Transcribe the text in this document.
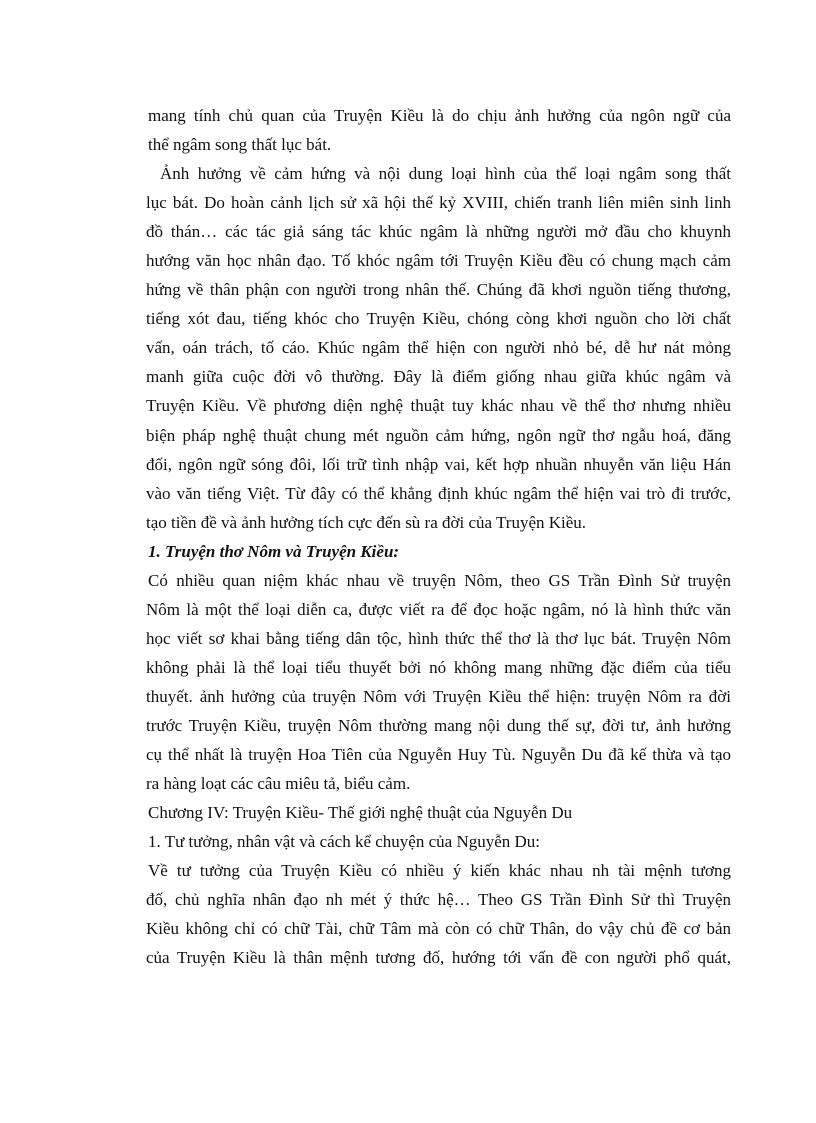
mang tính chủ quan của Truyện Kiều là do chịu ảnh hưởng của ngôn ngữ của
thể ngâm song thất lục bát.
Ảnh hưởng về cảm hứng và nội dung loại hình của thể loại ngâm song thất
lục bát. Do hoàn cảnh lịch sử xã hội thế kỷ XVIII, chiến tranh liên miên sinh linh
đồ thán… các tác giả sáng tác khúc ngâm là những người mở đầu cho khuynh
hướng văn học nhân đạo. Tố khóc ngâm tới Truyện Kiều đều có chung mạch cảm
hứng về thân phận con người trong nhân thế. Chúng đã khơi nguồn tiếng thương,
tiếng xót đau, tiếng khóc cho Truyện Kiều, chóng còng khơi nguồn cho lời chất
vấn, oán trách, tố cáo. Khúc ngâm thể hiện con người nhỏ bé, dễ hư nát mỏng
manh giữa cuộc đời vô thường. Đây là điểm giống nhau giữa khúc ngâm và
Truyện Kiều. Về phương diện nghệ thuật tuy khác nhau về thể thơ nhưng nhiều
biện pháp nghệ thuật chung mét nguồn cảm hứng, ngôn ngữ thơ ngẫu hoá, đăng
đối, ngôn ngữ sóng đôi, lối trữ tình nhập vai, kết hợp nhuần nhuyễn văn liệu Hán
vào văn tiếng Việt. Từ đây có thể khẳng định khúc ngâm thể hiện vai trò đi trước,
tạo tiền đề và ảnh hưởng tích cực đến sù ra đời của Truyện Kiều.
1. Truyện thơ Nôm và Truyện Kiều:
Có nhiều quan niệm khác nhau về truyện Nôm, theo GS Trần Đình Sử truyện
Nôm là một thể loại diễn ca, được viết ra để đọc hoặc ngâm, nó là hình thức văn
học viết sơ khai bằng tiếng dân tộc, hình thức thể thơ là thơ lục bát. Truyện Nôm
không phải là thể loại tiểu thuyết bởi nó không mang những đặc điểm của tiểu
thuyết. ảnh hưởng của truyện Nôm với Truyện Kiều thể hiện: truyện Nôm ra đời
trước Truyện Kiều, truyện Nôm thường mang nội dung thế sự, đời tư, ảnh hưởng
cụ thể nhất là truyện Hoa Tiên của Nguyễn Huy Tù. Nguyễn Du đã kế thừa và tạo
ra hàng loạt các câu miêu tả, biểu cảm.
Chương IV: Truyện Kiều- Thế giới nghệ thuật của Nguyễn Du
1. Tư tưởng, nhân vật và cách kể chuyện của Nguyễn Du:
Về tư tưởng của Truyện Kiều có nhiều ý kiến khác nhau nh tài mệnh tương
đố, chủ nghĩa nhân đạo nh mét ý thức hệ… Theo GS Trần Đình Sử thì Truyện
Kiều không chỉ có chữ Tài, chữ Tâm mà còn có chữ Thân, do vậy chủ đề cơ bản
của Truyện Kiều là thân mệnh tương đố, hướng tới vấn đề con người phổ quát,
